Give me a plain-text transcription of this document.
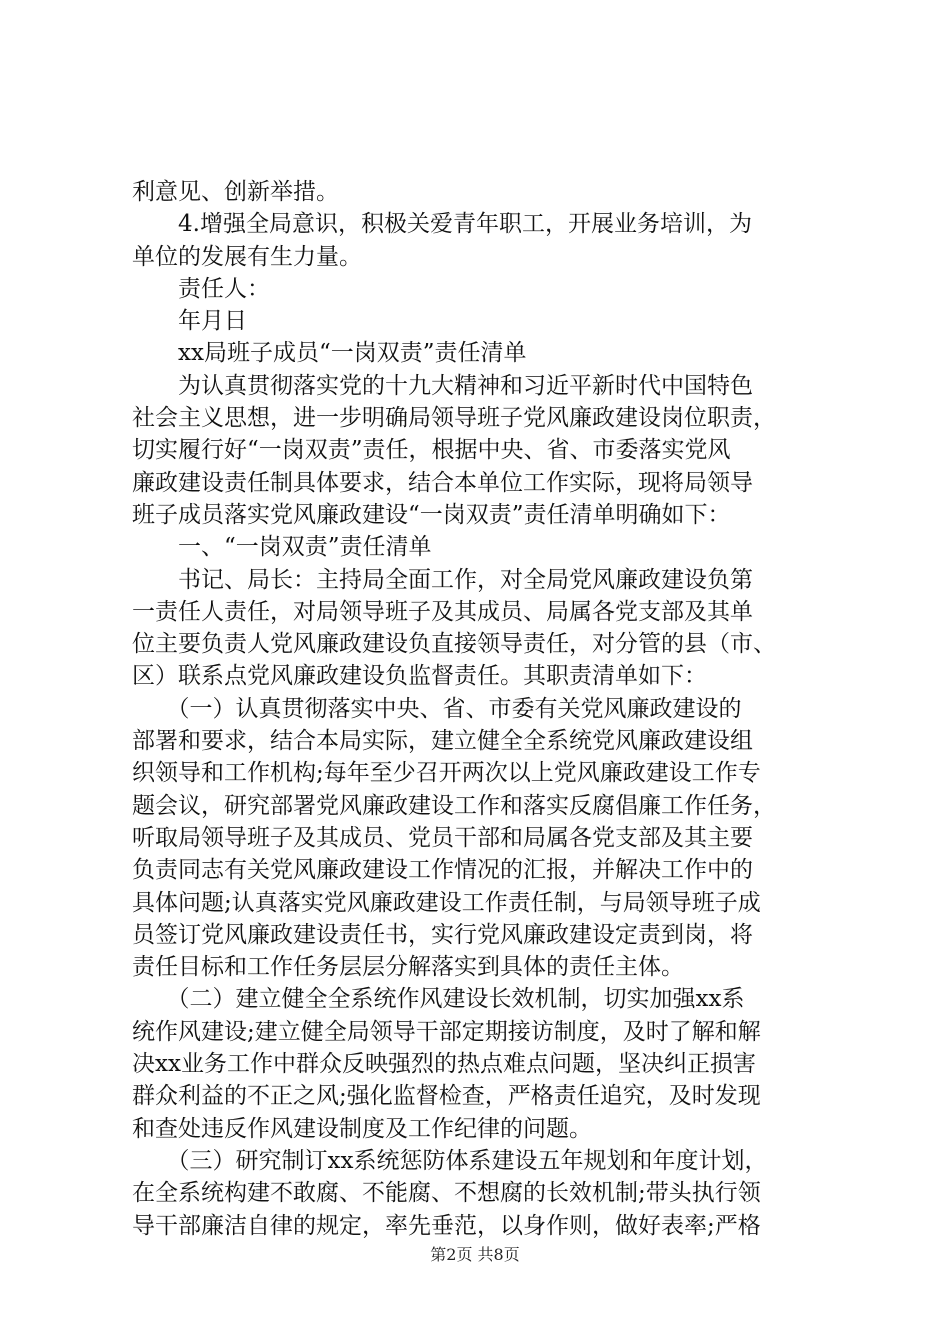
利意见、创新举措。
　　4.增强全局意识，积极关爱青年职工，开展业务培训，为
单位的发展有生力量。
　　责任人：
　　年月日
　　xx局班子成员“一岗双责”责任清单
　　为认真贯彻落实党的十九大精神和习近平新时代中国特色
社会主义思想，进一步明确局领导班子党风廉政建设岗位职责，
切实履行好“一岗双责”责任，根据中央、省、市委落实党风
廉政建设责任制具体要求，结合本单位工作实际，现将局领导
班子成员落实党风廉政建设“一岗双责”责任清单明确如下：
　　一、“一岗双责”责任清单
　　书记、局长：主持局全面工作，对全局党风廉政建设负第
一责任人责任，对局领导班子及其成员、局属各党支部及其单
位主要负责人党风廉政建设负直接领导责任，对分管的县（市、
区）联系点党风廉政建设负监督责任。其职责清单如下：
　　（一）认真贯彻落实中央、省、市委有关党风廉政建设的
部署和要求，结合本局实际，建立健全全系统党风廉政建设组
织领导和工作机构;每年至少召开两次以上党风廉政建设工作专
题会议，研究部署党风廉政建设工作和落实反腐倡廉工作任务，
听取局领导班子及其成员、党员干部和局属各党支部及其主要
负责同志有关党风廉政建设工作情况的汇报，并解决工作中的
具体问题;认真落实党风廉政建设工作责任制，与局领导班子成
员签订党风廉政建设责任书，实行党风廉政建设定责到岗，将
责任目标和工作任务层层分解落实到具体的责任主体。
　　（二）建立健全全系统作风建设长效机制，切实加强xx系
统作风建设;建立健全局领导干部定期接访制度，及时了解和解
决xx业务工作中群众反映强烈的热点难点问题，坚决纠正损害
群众利益的不正之风;强化监督检查，严格责任追究，及时发现
和查处违反作风建设制度及工作纪律的问题。
　　（三）研究制订xx系统惩防体系建设五年规划和年度计划，
在全系统构建不敢腐、不能腐、不想腐的长效机制;带头执行领
导干部廉洁自律的规定，率先垂范，以身作则，做好表率;严格
第2页 共8页
